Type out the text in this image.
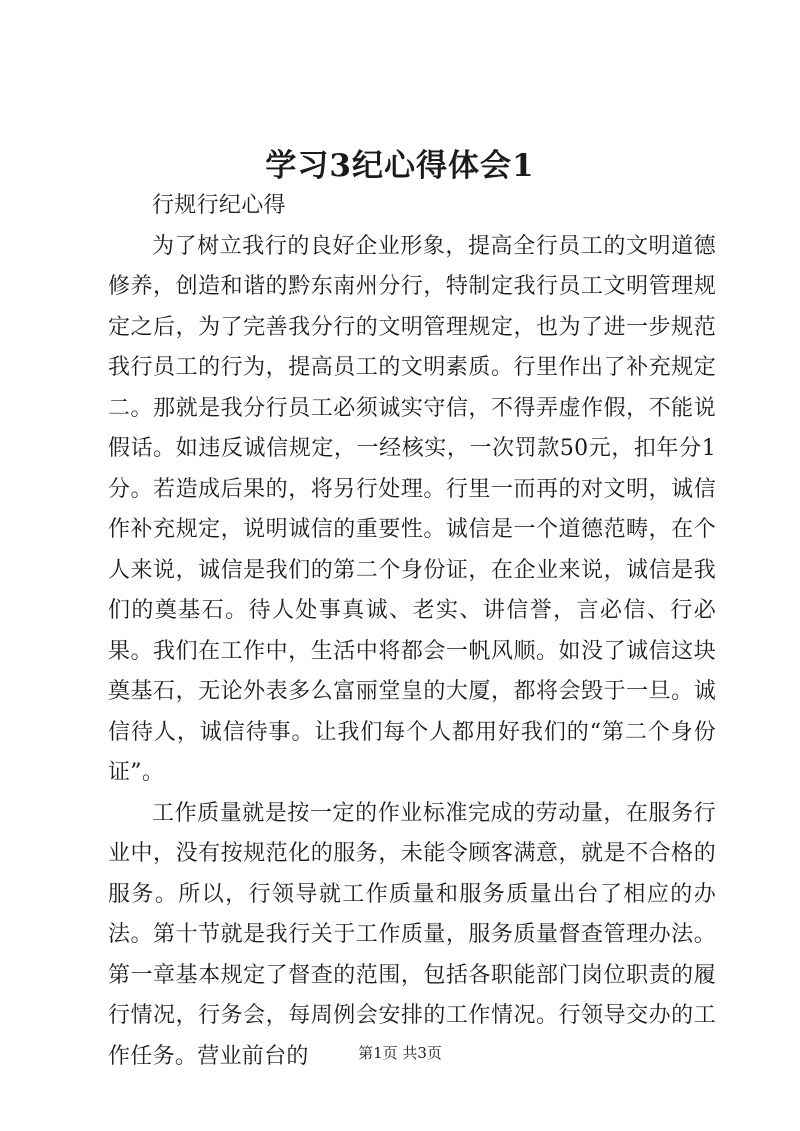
学习3纪心得体会1

行规行纪心得

为了树立我行的良好企业形象，提高全行员工的文明道德修养，创造和谐的黔东南州分行，特制定我行员工文明管理规定之后，为了完善我分行的文明管理规定，也为了进一步规范我行员工的行为，提高员工的文明素质。行里作出了补充规定二。那就是我分行员工必须诚实守信，不得弄虚作假，不能说假话。如违反诚信规定，一经核实，一次罚款50元，扣年分1分。若造成后果的，将另行处理。行里一而再的对文明，诚信作补充规定，说明诚信的重要性。诚信是一个道德范畴，在个人来说，诚信是我们的第二个身份证，在企业来说，诚信是我们的奠基石。待人处事真诚、老实、讲信誉，言必信、行必果。我们在工作中，生活中将都会一帆风顺。如没了诚信这块奠基石，无论外表多么富丽堂皇的大厦，都将会毁于一旦。诚信待人，诚信待事。让我们每个人都用好我们的“第二个身份证”。

工作质量就是按一定的作业标准完成的劳动量，在服务行业中，没有按规范化的服务，未能令顾客满意，就是不合格的服务。所以，行领导就工作质量和服务质量出台了相应的办法。第十节就是我行关于工作质量，服务质量督查管理办法。第一章基本规定了督查的范围，包括各职能部门岗位职责的履行情况，行务会，每周例会安排的工作情况。行领导交办的工作任务。营业前台的	第1页 共3页
